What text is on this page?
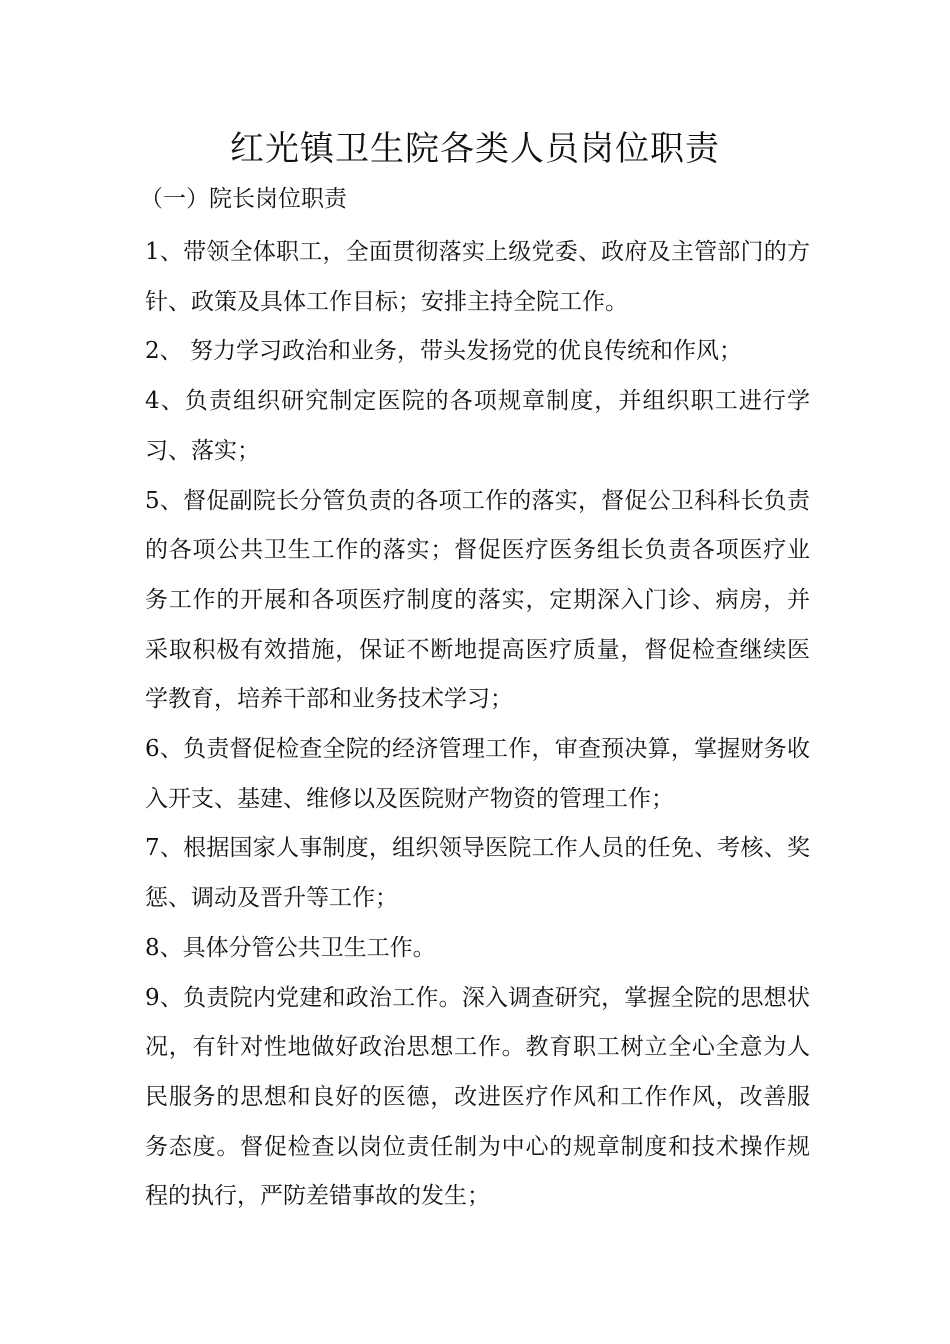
红光镇卫生院各类人员岗位职责
（一）院长岗位职责

1、带领全体职工，全面贯彻落实上级党委、政府及主管部门的方针、政策及具体工作目标；安排主持全院工作。

2、 努力学习政治和业务，带头发扬党的优良传统和作风；

4、负责组织研究制定医院的各项规章制度，并组织职工进行学习、落实；

5、督促副院长分管负责的各项工作的落实，督促公卫科科长负责的各项公共卫生工作的落实；督促医疗医务组长负责各项医疗业务工作的开展和各项医疗制度的落实，定期深入门诊、病房，并采取积极有效措施，保证不断地提高医疗质量，督促检查继续医学教育，培养干部和业务技术学习；

6、负责督促检查全院的经济管理工作，审查预决算，掌握财务收入开支、基建、维修以及医院财产物资的管理工作；

7、根据国家人事制度，组织领导医院工作人员的任免、考核、奖惩、调动及晋升等工作；

8、具体分管公共卫生工作。

9、负责院内党建和政治工作。深入调查研究，掌握全院的思想状况，有针对性地做好政治思想工作。教育职工树立全心全意为人民服务的思想和良好的医德，改进医疗作风和工作作风，改善服务态度。督促检查以岗位责任制为中心的规章制度和技术操作规程的执行，严防差错事故的发生；
